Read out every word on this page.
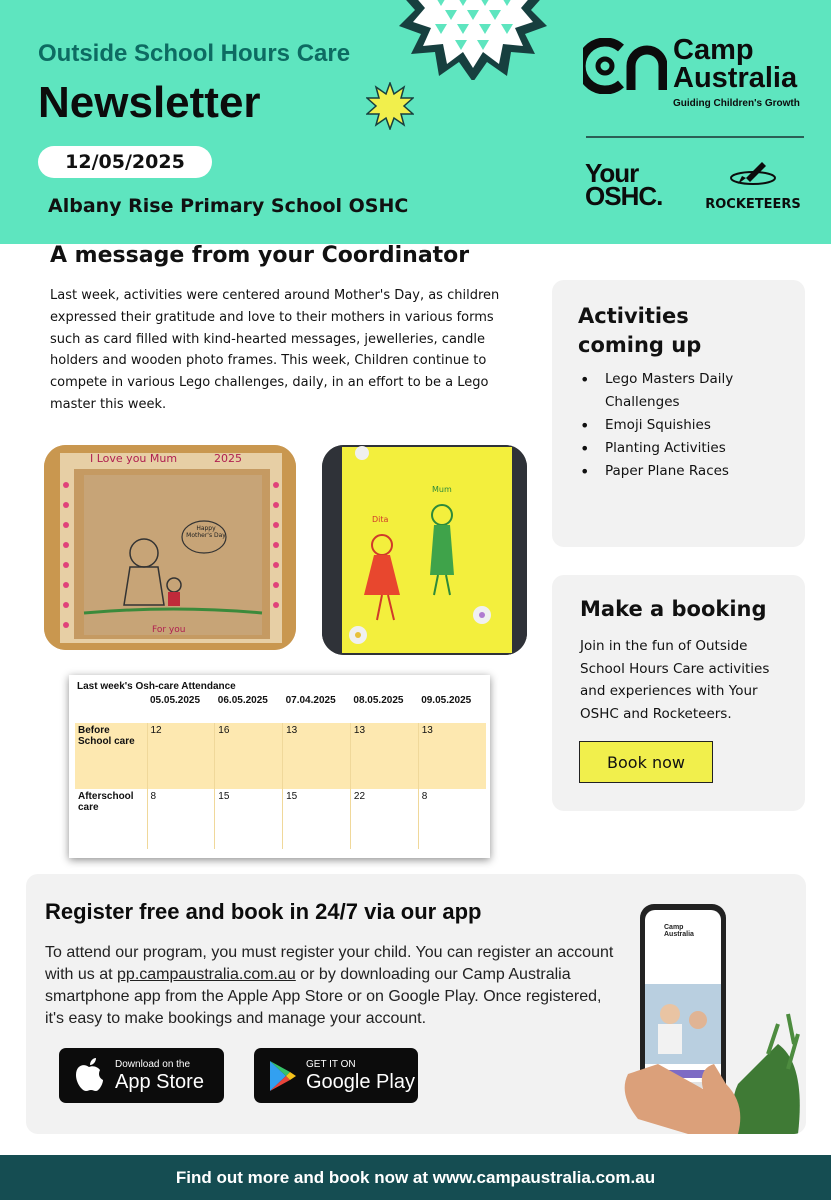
Outside School Hours Care
Newsletter
12/05/2025
Albany Rise Primary School OSHC
Camp
Australia
Guiding Children's Growth
Your
OSHC.	ROCKETEERS
A message from your Coordinator
Last week, activities were centered around Mother's Day, as children expressed their gratitude and love to their mothers in various forms such as card filled with kind-hearted messages, jewelleries, candle holders and wooden photo frames. This week, Children continue to compete in various Lego challenges, daily, in an effort to be a Lego master this week.
I Love you Mum	2025
Happy Mother's Day
For you
Dita
Mum
Last week's Osh-care Attendance
	05.05.2025	06.05.2025	07.04.2025	08.05.2025	09.05.2025
Before School care	12	16	13	13	13
Afterschool care	8	15	15	22	8
Activities coming up
• Lego Masters Daily Challenges
• Emoji Squishies
• Planting Activities
• Paper Plane Races
Make a booking
Join in the fun of Outside School Hours Care activities and experiences with Your OSHC and Rocketeers.
Book now
Register free and book in 24/7 via our app
To attend our program, you must register your child. You can register an account with us at pp.campaustralia.com.au or by downloading our Camp Australia smartphone app from the Apple App Store or on Google Play. Once registered, it's easy to make bookings and manage your account.
Download on the
App Store
GET IT ON
Google Play
Camp Australia
Find out more and book now at www.campaustralia.com.au
